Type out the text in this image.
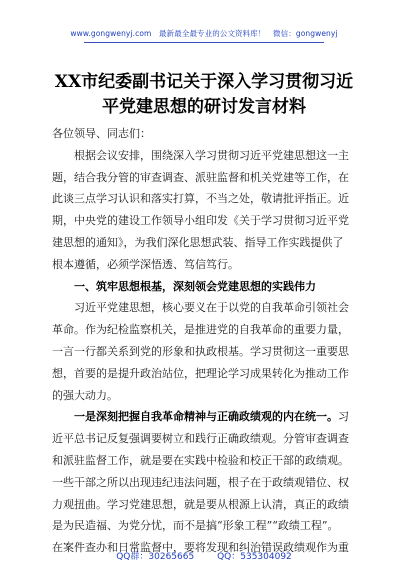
www.gongwenyj.com　最新最全最专业的公文资料库！　微信：gongwenyj
XX市纪委副书记关于深入学习贯彻习近
平党建思想的研讨发言材料

各位领导、同志们：

根据会议安排，围绕深入学习贯彻习近平党建思想这一主
题，结合我分管的审查调查、派驻监督和机关党建等工作，在
此谈三点学习认识和落实打算，不当之处，敬请批评指正。近
期，中央党的建设工作领导小组印发《关于学习贯彻习近平党
建思想的通知》，为我们深化思想武装、指导工作实践提供了
根本遵循，必须学深悟透、笃信笃行。

一、筑牢思想根基，深刻领会党建思想的实践伟力

习近平党建思想，核心要义在于以党的自我革命引领社会
革命。作为纪检监察机关，是推进党的自我革命的重要力量，
一言一行都关系到党的形象和执政根基。学习贯彻这一重要思
想，首要的是提升政治站位，把理论学习成果转化为推动工作
的强大动力。

一是深刻把握自我革命精神与正确政绩观的内在统一。习
近平总书记反复强调要树立和践行正确政绩观。分管审查调查
和派驻监督工作，就是要在实践中检验和校正干部的政绩观。
一些干部之所以出现违纪违法问题，根子在于政绩观错位、权
力观扭曲。学习党建思想，就是要从根源上认清，真正的政绩
是为民造福、为党分忧，而不是搞“形象工程”“政绩工程”。
在案件查办和日常监督中，要将发现和纠治错误政绩观作为重

QQ群：30265665	QQ：535304092
